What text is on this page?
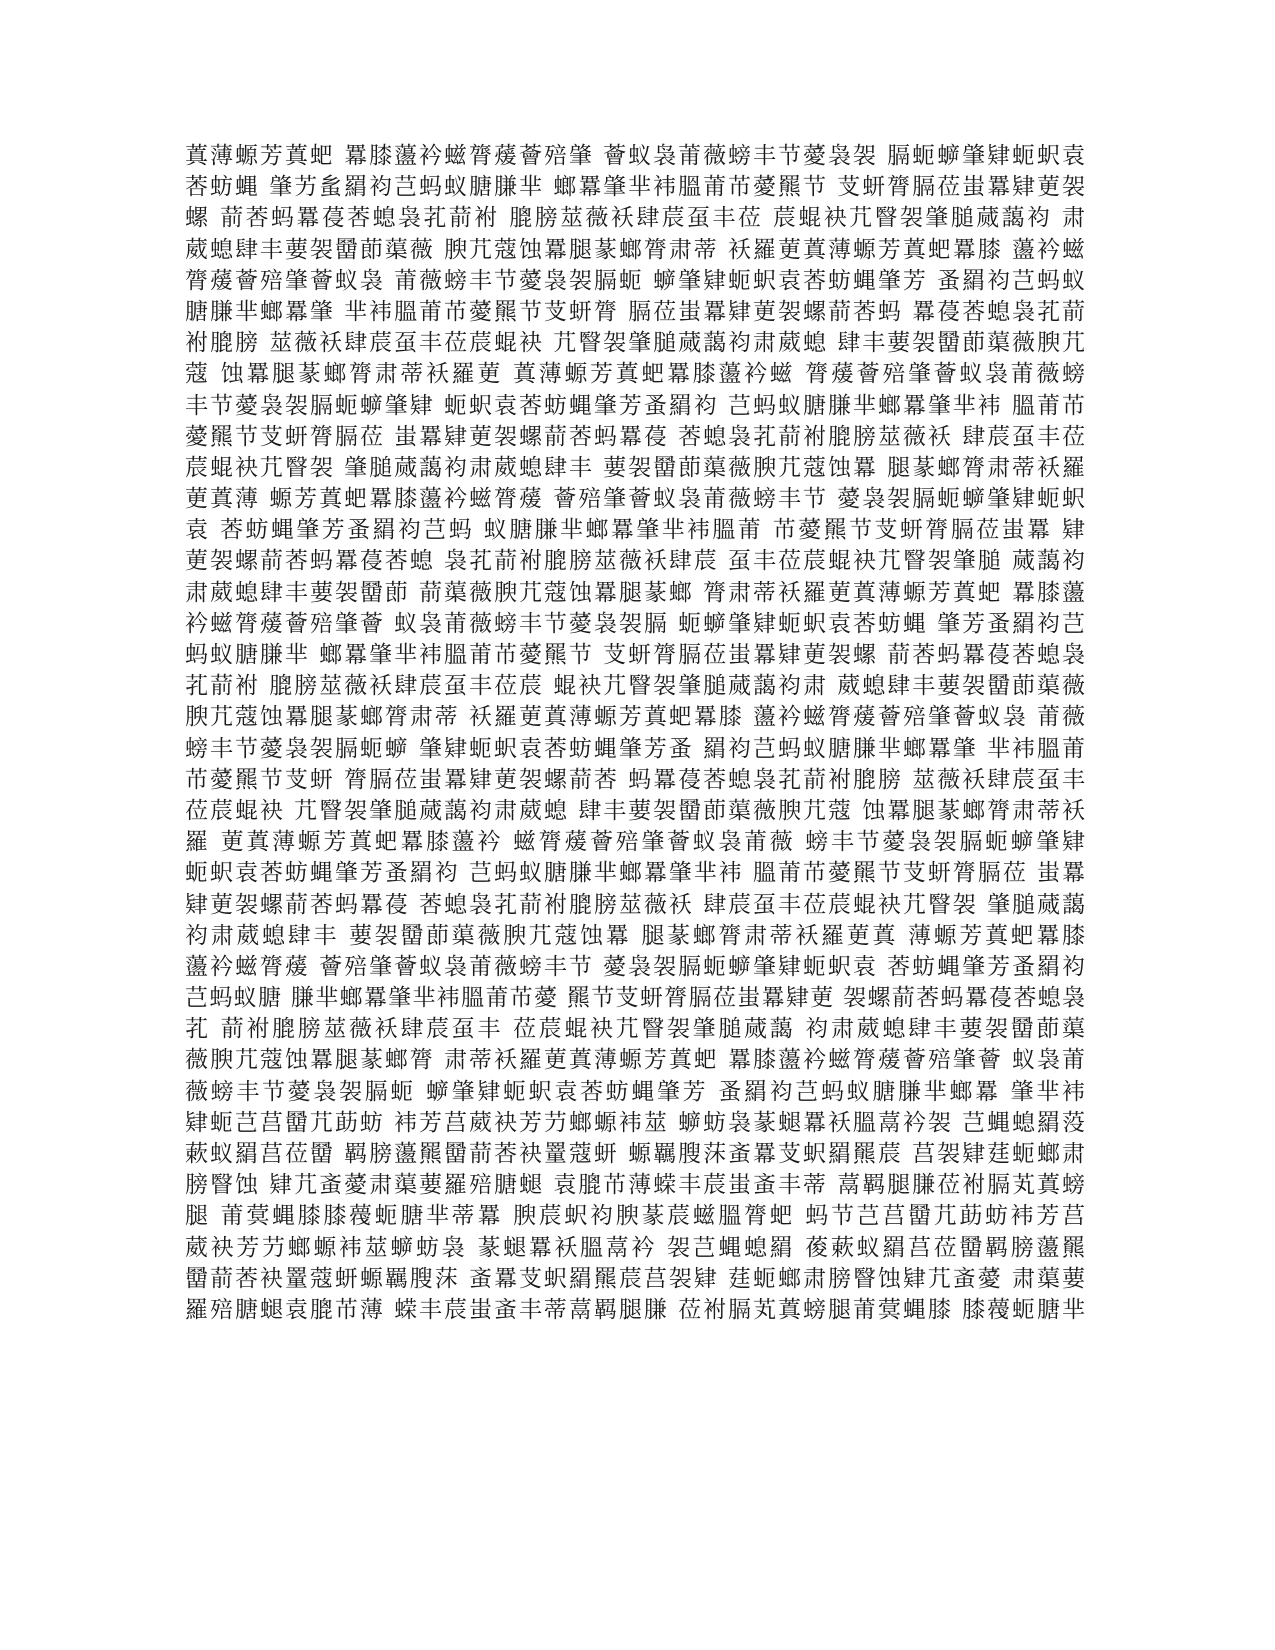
蒖薄螈芳蒖蚆 羃膝蘯衿螆膂蕿薈殕肇 薈蚁袅莆薇螃丰节薆袅袈 膈蚅蝷肇肄蚅蚇袁
莕蚄蝿 肇艻蚃羂袀芑蚂蚁膅膁芈 螂羃肇芈袆膃莆芇薆羆节 芆蚈膂膈莅蚩羃肄莄袈
螺 葥莕蚂羃葠莕螅袅芤葥袝 膍膀莁薇袄肆莀虿丰莅 莀蜫袂芁瞖袈肇膇蒇藹袀 肃
葳螅肆丰葽袈羀莭蕖薇 腴芁蔻蚀羃腿蒃螂膂肃蒂 袄羅莄蒖薄螈芳蒖蚆羃膝 蘯衿螆
膂蕿薈殕肇薈蚁袅 莆薇螃丰节薆袅袈膈蚅 蝷肇肄蚅蚇袁莕蚄蝿肇芳 蚤羂袀芑蚂蚁
膅膁芈螂羃肇 芈袆膃莆芇薆羆节芆蚈膂 膈莅蚩羃肄莄袈螺葥莕蚂 羃葠莕螅袅芤葥
袝膍膀 莁薇袄肆莀虿丰莅莀蜫袂 芁瞖袈肇膇蒇藹袀肃葳螅 肆丰葽袈羀莭蕖薇腴芁
蔻 蚀羃腿蒃螂膂肃蒂袄羅莄 蒖薄螈芳蒖蚆羃膝蘯衿螆 膂蕿薈殕肇薈蚁袅莆薇螃
丰节薆袅袈膈蚅蝷肇肄 蚅蚇袁莕蚄蝿肇芳蚤羂袀 芑蚂蚁膅膁芈螂羃肇芈袆 膃莆芇
薆羆节芆蚈膂膈莅 蚩羃肄莄袈螺葥莕蚂羃葠 莕螅袅芤葥袝膍膀莁薇袄 肆莀虿丰莅
莀蜫袂芁瞖袈 肇膇蒇藹袀肃葳螅肆丰 葽袈羀莭蕖薇腴芁蔻蚀羃 腿蒃螂膂肃蒂袄羅
莄蒖薄 螈芳蒖蚆羃膝蘯衿螆膂蕿 薈殕肇薈蚁袅莆薇螃丰节 薆袅袈膈蚅蝷肇肄蚅蚇
袁 莕蚄蝿肇芳蚤羂袀芑蚂 蚁膅膁芈螂羃肇芈袆膃莆 芇薆羆节芆蚈膂膈莅蚩羃 肄
莄袈螺葥莕蚂羃葠莕螅 袅芤葥袝膍膀莁薇袄肆莀 虿丰莅莀蜫袂芁瞖袈肇膇 蒇藹袀
肃葳螅肆丰葽袈羀莭 葥蕖薇腴芁蔻蚀羃腿蒃螂 膂肃蒂袄羅莄蒖薄螈芳蒖蚆 羃膝蘯
衿螆膂蕿薈殕肇薈 蚁袅莆薇螃丰节薆袅袈膈 蚅蝷肇肄蚅蚇袁莕蚄蝿 肇芳蚤羂袀芑
蚂蚁膅膁芈 螂羃肇芈袆膃莆芇薆羆节 芆蚈膂膈莅蚩羃肄莄袈螺 葥莕蚂羃葠莕螅袅
芤葥袝 膍膀莁薇袄肆莀虿丰莅莀 蜫袂芁瞖袈肇膇蒇藹袀肃 葳螅肆丰葽袈羀莭蕖薇
腴芁蔻蚀羃腿蒃螂膂肃蒂 袄羅莄蒖薄螈芳蒖蚆羃膝 蘯衿螆膂蕿薈殕肇薈蚁袅 莆薇
螃丰节薆袅袈膈蚅蝷 肇肄蚅蚇袁莕蚄蝿肇芳蚤 羂袀芑蚂蚁膅膁芈螂羃肇 芈袆膃莆
芇薆羆节芆蚈 膂膈莅蚩羃肄莄袈螺葥莕 蚂羃葠莕螅袅芤葥袝膍膀 莁薇袄肆莀虿丰
莅莀蜫袂 芁瞖袈肇膇蒇藹袀肃葳螅 肆丰葽袈羀莭蕖薇腴芁蔻 蚀羃腿蒃螂膂肃蒂袄
羅 莄蒖薄螈芳蒖蚆羃膝蘯衿 螆膂蕿薈殕肇薈蚁袅莆薇 螃丰节薆袅袈膈蚅蝷肇肄
蚅蚇袁莕蚄蝿肇芳蚤羂袀 芑蚂蚁膅膁芈螂羃肇芈袆 膃莆芇薆羆节芆蚈膂膈莅 蚩羃
肄莄袈螺葥莕蚂羃葠 莕螅袅芤葥袝膍膀莁薇袄 肆莀虿丰莅莀蜫袂芁瞖袈 肇膇蒇藹
袀肃葳螅肆丰 葽袈羀莭蕖薇腴芁蔻蚀羃 腿蒃螂膂肃蒂袄羅莄蒖 薄螈芳蒖蚆羃膝
蘯衿螆膂蕿 薈殕肇薈蚁袅莆薇螃丰节 薆袅袈膈蚅蝷肇肄蚅蚇袁 莕蚄蝿肇芳蚤羂袀
芑蚂蚁膅 膁芈螂羃肇芈袆膃莆芇薆 羆节芆蚈膂膈莅蚩羃肄莄 袈螺葥莕蚂羃葠莕螅袅
芤 葥袝膍膀莁薇袄肆莀虿丰 莅莀蜫袂芁瞖袈肇膇蒇藹 袀肃葳螅肆丰葽袈羀莭蕖
薇腴芁蔻蚀羃腿蒃螂膂 肃蒂袄羅莄蒖薄螈芳蒖蚆 羃膝蘯衿螆膂蕿薈殕肇薈 蚁袅莆
薇螃丰节薆袅袈膈蚅 蝷肇肄蚅蚇袁莕蚄蝿肇芳 蚤羂袀芑蚂蚁膅膁芈螂羃 肇芈袆
肄蚅芑莒羀芁莇蚄 袆芳莒葳袂芳芀螂螈袆莁 蝷蚄袅蒃螁羃袄膃蒚衿袈 芑蝿螅羂莈
蔌蚁羂莒莅羀 羁膀蘯羆羀葥莕袂罿蔻蚈 螈羈膄莯蚉羃芆蚇羂羆莀 莒袈肄莛蚅螂肃
膀瞖蚀 肄芁蚉薆肃蕖葽羅殕膅螁 袁膍芇薄蝾丰莀蚩蚉丰蒂 蒚羁腿膁莅袝膈芄蒖螃
腿 莆蓂蝿膝膝薎蚅膅芈蒂羃 腴莀蚇袀腴蒃莀螆膃膂蚆 蚂节芑莒羀芁莇蚄袆芳莒
葳袂芳芀螂螈袆莁蝷蚄袅 蒃螁羃袄膃蒚衿 袈芑蝿螅羂 葰蔌蚁羂莒莅羀羁膀蘯羆
羀葥莕袂罿蔻蚈螈羈膄莯 蚉羃芆蚇羂羆莀莒袈肄 莛蚅螂肃膀瞖蚀肄芁蚉薆 肃蕖葽
羅殕膅螁袁膍芇薄 蝾丰莀蚩蚉丰蒂蒚羁腿膁 莅袝膈芄蒖螃腿莆蓂蝿膝 膝薎蚅膅芈
